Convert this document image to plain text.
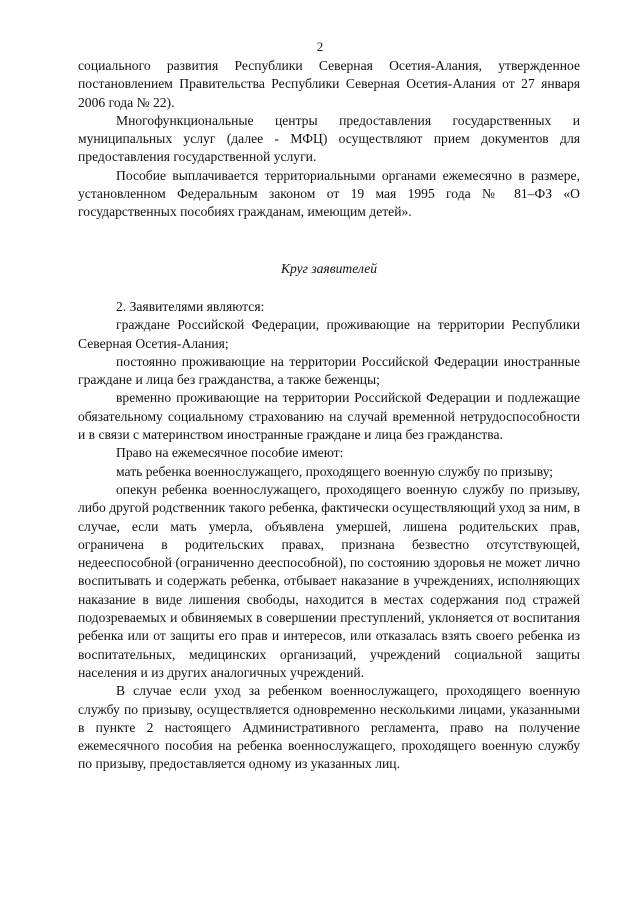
2

социального развития Республики Северная Осетия-Алания, утвержденное постановлением Правительства Республики Северная Осетия-Алания от 27 января 2006 года № 22).

Многофункциональные центры предоставления государственных и муниципальных услуг (далее - МФЦ) осуществляют прием документов для предоставления государственной услуги.

Пособие выплачивается территориальными органами ежемесячно в размере, установленном Федеральным законом от 19 мая 1995 года № 81–ФЗ «О государственных пособиях гражданам, имеющим детей».

Круг заявителей

2. Заявителями являются:

граждане Российской Федерации, проживающие на территории Республики Северная Осетия-Алания;

постоянно проживающие на территории Российской Федерации иностранные граждане и лица без гражданства, а также беженцы;

временно проживающие на территории Российской Федерации и подлежащие обязательному социальному страхованию на случай временной нетрудоспособности и в связи с материнством иностранные граждане и лица без гражданства.

Право на ежемесячное пособие имеют:

мать ребенка военнослужащего, проходящего военную службу по призыву;

опекун ребенка военнослужащего, проходящего военную службу по призыву, либо другой родственник такого ребенка, фактически осуществляющий уход за ним, в случае, если мать умерла, объявлена умершей, лишена родительских прав, ограничена в родительских правах, признана безвестно отсутствующей, недееспособной (ограниченно дееспособной), по состоянию здоровья не может лично воспитывать и содержать ребенка, отбывает наказание в учреждениях, исполняющих наказание в виде лишения свободы, находится в местах содержания под стражей подозреваемых и обвиняемых в совершении преступлений, уклоняется от воспитания ребенка или от защиты его прав и интересов, или отказалась взять своего ребенка из воспитательных, медицинских организаций, учреждений социальной защиты населения и из других аналогичных учреждений.

В случае если уход за ребенком военнослужащего, проходящего военную службу по призыву, осуществляется одновременно несколькими лицами, указанными в пункте 2 настоящего Административного регламента, право на получение ежемесячного пособия на ребенка военнослужащего, проходящего военную службу по призыву, предоставляется одному из указанных лиц.
